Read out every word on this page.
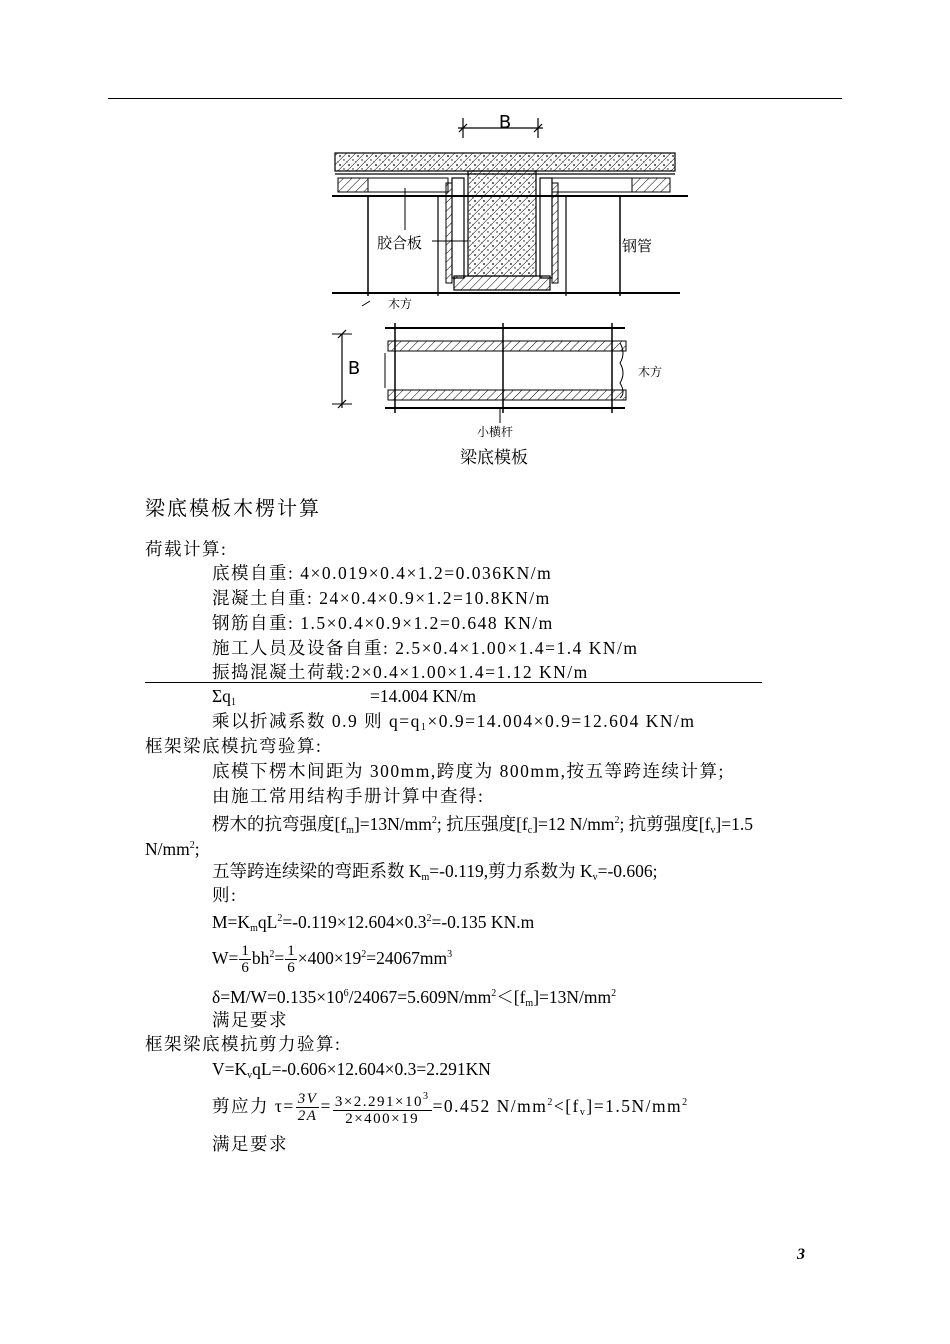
B
胶合板	钢管
木方
B	木方
小横杆
梁底模板
梁底模板木楞计算
荷载计算:
底模自重: 4×0.019×0.4×1.2=0.036KN/m
混凝土自重: 24×0.4×0.9×1.2=10.8KN/m
钢筋自重: 1.5×0.4×0.9×1.2=0.648 KN/m
施工人员及设备自重: 2.5×0.4×1.00×1.4=1.4 KN/m
振捣混凝土荷载:2×0.4×1.00×1.4=1.12 KN/m
$\Sigma q_1$	=14.004 KN/m
乘以折减系数 0.9 则 $q=q_1\times 0.9=14.004\times 0.9=12.604$ KN/m
框架梁底模抗弯验算:
底模下楞木间距为 300mm,跨度为 800mm,按五等跨连续计算;
由施工常用结构手册计算中查得:
楞木的抗弯强度$[f_m]=13N/mm^2$; 抗压强度$[f_c]=12$ $N/mm^2$; 抗剪强度$[f_v]=1.5$
$N/mm^2$;
五等跨连续梁的弯距系数 $K_m=-0.119$,剪力系数为 $K_v=-0.606$;
则:
$M=K_mqL^2=-0.119\times 12.604\times 0.3^2=-0.135$ KN.m
$W= \frac{1}{6} bh^2= \frac{1}{6} \times 400\times 19^2=24067mm^3$
$\delta=M/W=0.135\times 10^6/24067=5.609N/mm^2<[f_m]=13N/mm^2$
满足要求
框架梁底模抗剪力验算:
$V=K_vqL=-0.606\times 12.604\times 0.3=2.291KN$
剪应力 $\tau= \frac{3V}{2A} = \frac{3\times 2.291\times 10^3}{2\times 400\times 19} =0.452$ $N/mm^2<[f_v]=1.5N/mm^2$
满足要求
3
